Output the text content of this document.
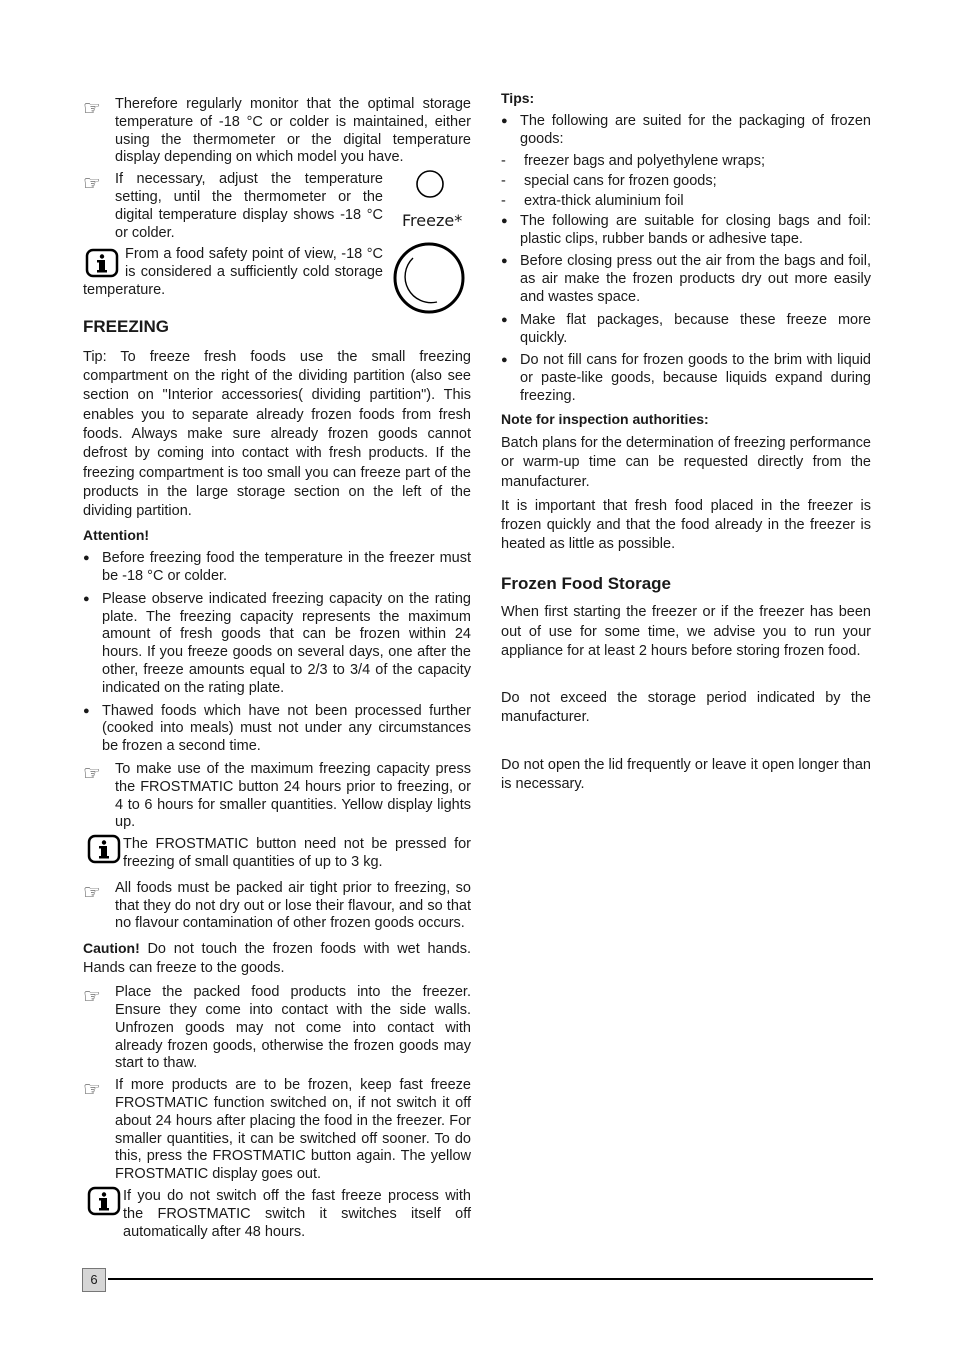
☞ Therefore regularly monitor that the optimal storage temperature of -18 °C or colder is maintained, either using the thermometer or the digital temperature display depending on which model you have.

☞ If necessary, adjust the temperature setting, until the thermometer or the digital temperature display shows -18 °C or colder.

From a food safety point of view, -18 °C is considered a sufficiently cold storage temperature.

Freeze*
FREEZING

Tip: To freeze fresh foods use the small freezing compartment on the right of the dividing partition (also see section on "Interior accessories( dividing partition"). This enables you to separate already frozen foods from fresh foods. Always make sure already frozen goods cannot defrost by coming into contact with fresh products. If the freezing compartment is too small you can freeze part of the products in the large storage section on the left of the dividing partition.

Attention!
● Before freezing food the temperature in the freezer must be -18 °C or colder.

● Please observe indicated freezing capacity on the rating plate. The freezing capacity represents the maximum amount of fresh goods that can be frozen within 24 hours. If you freeze goods on several days, one after the other, freeze amounts equal to 2/3 to 3/4 of the capacity indicated on the rating plate.

● Thawed foods which have not been processed further (cooked into meals) must not under any circumstances be frozen a second time.

☞ To make use of the maximum freezing capacity press the FROSTMATIC button 24 hours prior to freezing, or 4 to 6 hours for smaller quantities. Yellow display lights up.

The FROSTMATIC button need not be pressed for freezing of small quantities of up to 3 kg.

☞ All foods must be packed air tight prior to freezing, so that they do not dry out or lose their flavour, and so that no flavour contamination of other frozen goods occurs.

Caution! Do not touch the frozen foods with wet hands. Hands can freeze to the goods.

☞ Place the packed food products into the freezer. Ensure they come into contact with the side walls. Unfrozen goods may not come into contact with already frozen goods, otherwise the frozen goods may start to thaw.

☞ If more products are to be frozen, keep fast freeze FROSTMATIC function switched on, if not switch it off about 24 hours after placing the food in the freezer. For smaller quantities, it can be switched off sooner. To do this, press the FROSTMATIC button again. The yellow FROSTMATIC display goes out.

If you do not switch off the fast freeze process with the FROSTMATIC switch it switches itself off automatically after 48 hours.

Tips:
● The following are suited for the packaging of frozen goods:

-	freezer bags and polyethylene wraps;

-	special cans for frozen goods;

-	extra-thick aluminium foil

● The following are suitable for closing bags and foil: plastic clips, rubber bands or adhesive tape.

● Before closing press out the air from the bags and foil, as air make the frozen products dry out more easily and wastes space.

● Make flat packages, because these freeze more quickly.

● Do not fill cans for frozen goods to the brim with liquid or paste-like goods, because liquids expand during freezing.

Note for inspection authorities:

Batch plans for the determination of freezing performance or warm-up time can be requested directly from the manufacturer.

It is important that fresh food placed in the freezer is frozen quickly and that the food already in the freezer is heated as little as possible.

Frozen Food Storage

When first starting the freezer or if the freezer has been out of use for some time, we advise you to run your appliance for at least 2 hours before storing frozen food.

Do not exceed the storage period indicated by the manufacturer.

Do not open the lid frequently or leave it open longer than is necessary.

6
